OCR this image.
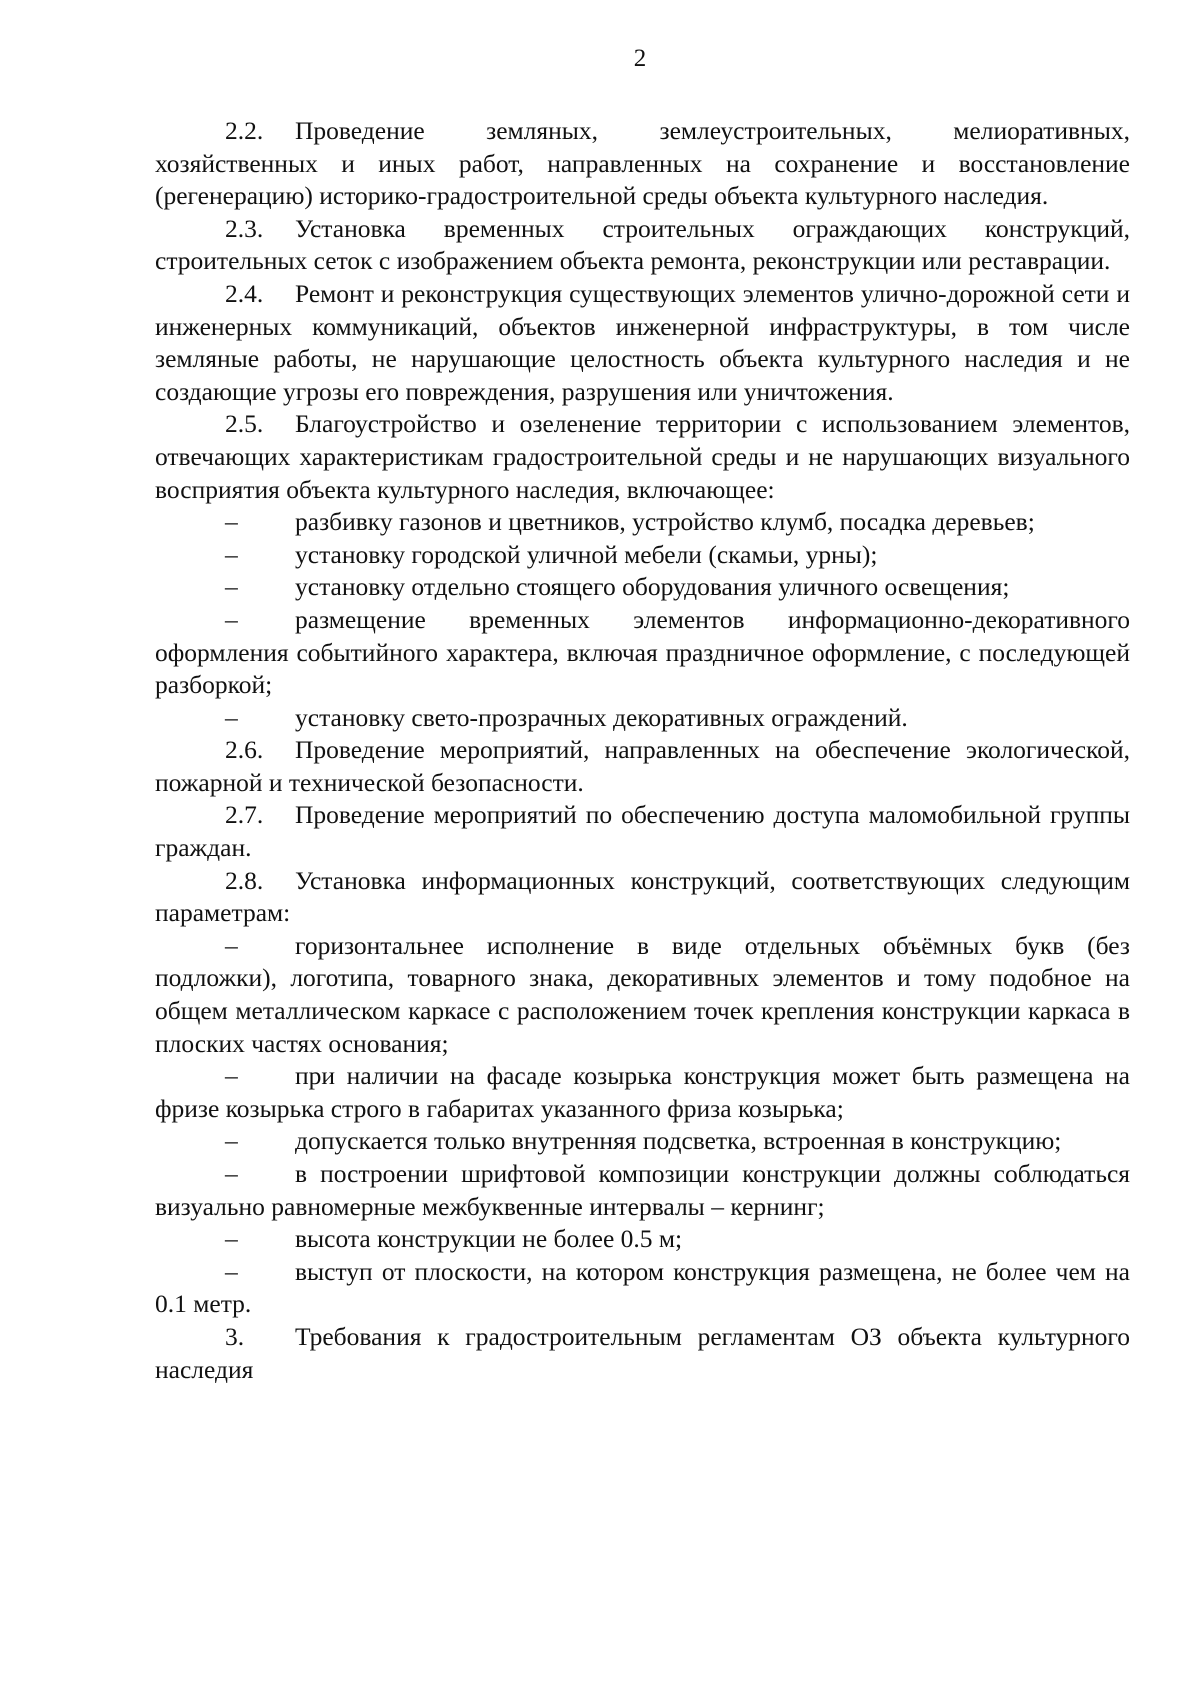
2

2.2. Проведение земляных, землеустроительных, мелиоративных, хозяйственных и иных работ, направленных на сохранение и восстановление (регенерацию) историко-градостроительной среды объекта культурного наследия.

2.3. Установка временных строительных ограждающих конструкций, строительных сеток с изображением объекта ремонта, реконструкции или реставрации.

2.4. Ремонт и реконструкция существующих элементов улично-дорожной сети и инженерных коммуникаций, объектов инженерной инфраструктуры, в том числе земляные работы, не нарушающие целостность объекта культурного наследия и не создающие угрозы его повреждения, разрушения или уничтожения.

2.5. Благоустройство и озеленение территории с использованием элементов, отвечающих характеристикам градостроительной среды и не нарушающих визуального восприятия объекта культурного наследия, включающее:

– разбивку газонов и цветников, устройство клумб, посадка деревьев;

– установку городской уличной мебели (скамьи, урны);

– установку отдельно стоящего оборудования уличного освещения;

– размещение временных элементов информационно-декоративного оформления событийного характера, включая праздничное оформление, с последующей разборкой;

– установку свето-прозрачных декоративных ограждений.

2.6. Проведение мероприятий, направленных на обеспечение экологической, пожарной и технической безопасности.

2.7. Проведение мероприятий по обеспечению доступа маломобильной группы граждан.

2.8. Установка информационных конструкций, соответствующих следующим параметрам:

– горизонтальнее исполнение в виде отдельных объёмных букв (без подложки), логотипа, товарного знака, декоративных элементов и тому подобное на общем металлическом каркасе с расположением точек крепления конструкции каркаса в плоских частях основания;

– при наличии на фасаде козырька конструкция может быть размещена на фризе козырька строго в габаритах указанного фриза козырька;

– допускается только внутренняя подсветка, встроенная в конструкцию;

– в построении шрифтовой композиции конструкции должны соблюдаться визуально равномерные межбуквенные интервалы – кернинг;

– высота конструкции не более 0.5 м;

– выступ от плоскости, на котором конструкция размещена, не более чем на 0.1 метр.

3. Требования к градостроительным регламентам ОЗ объекта культурного наследия
